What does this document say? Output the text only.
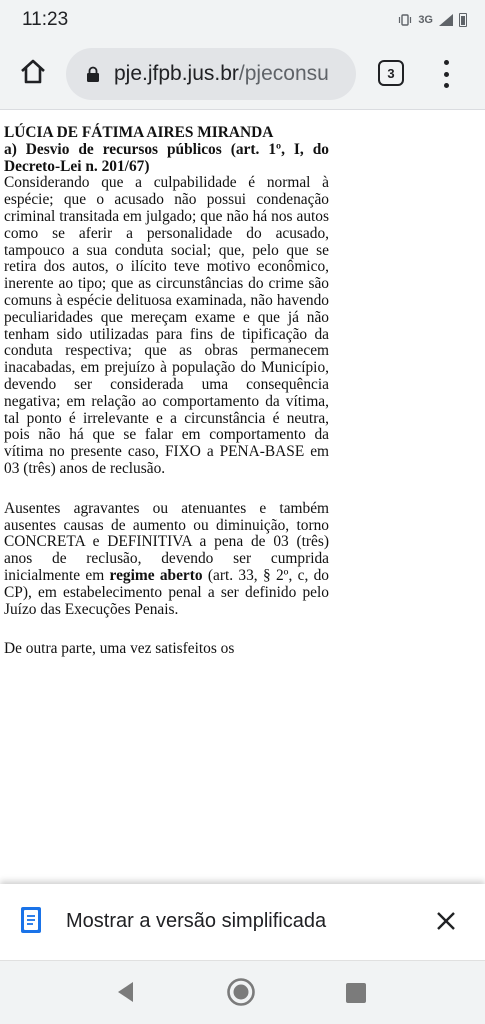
11:23	3G
pje.jfpb.jus.br/pjeconsu	3

LÚCIA DE FÁTIMA AIRES MIRANDA

a) Desvio de recursos públicos (art. 1º, I, do Decreto-Lei n. 201/67)

Considerando que a culpabilidade é normal à espécie; que o acusado não possui condenação criminal transitada em julgado; que não há nos autos como se aferir a personalidade do acusado, tampouco a sua conduta social; que, pelo que se retira dos autos, o ilícito teve motivo econômico, inerente ao tipo; que as circunstâncias do crime são comuns à espécie delituosa examinada, não havendo peculiaridades que mereçam exame e que já não tenham sido utilizadas para fins de tipificação da conduta respectiva; que as obras permanecem inacabadas, em prejuízo à população do Município, devendo ser considerada uma consequência negativa; em relação ao comportamento da vítima, tal ponto é irrelevante e a circunstância é neutra, pois não há que se falar em comportamento da vítima no presente caso, FIXO a PENA-BASE em 03 (três) anos de reclusão.

Ausentes agravantes ou atenuantes e também ausentes causas de aumento ou diminuição, torno CONCRETA e DEFINITIVA a pena de 03 (três) anos de reclusão, devendo ser cumprida inicialmente em regime aberto (art. 33, § 2º, c, do CP), em estabelecimento penal a ser definido pelo Juízo das Execuções Penais.

De outra parte, uma vez satisfeitos os

Mostrar a versão simplificada
